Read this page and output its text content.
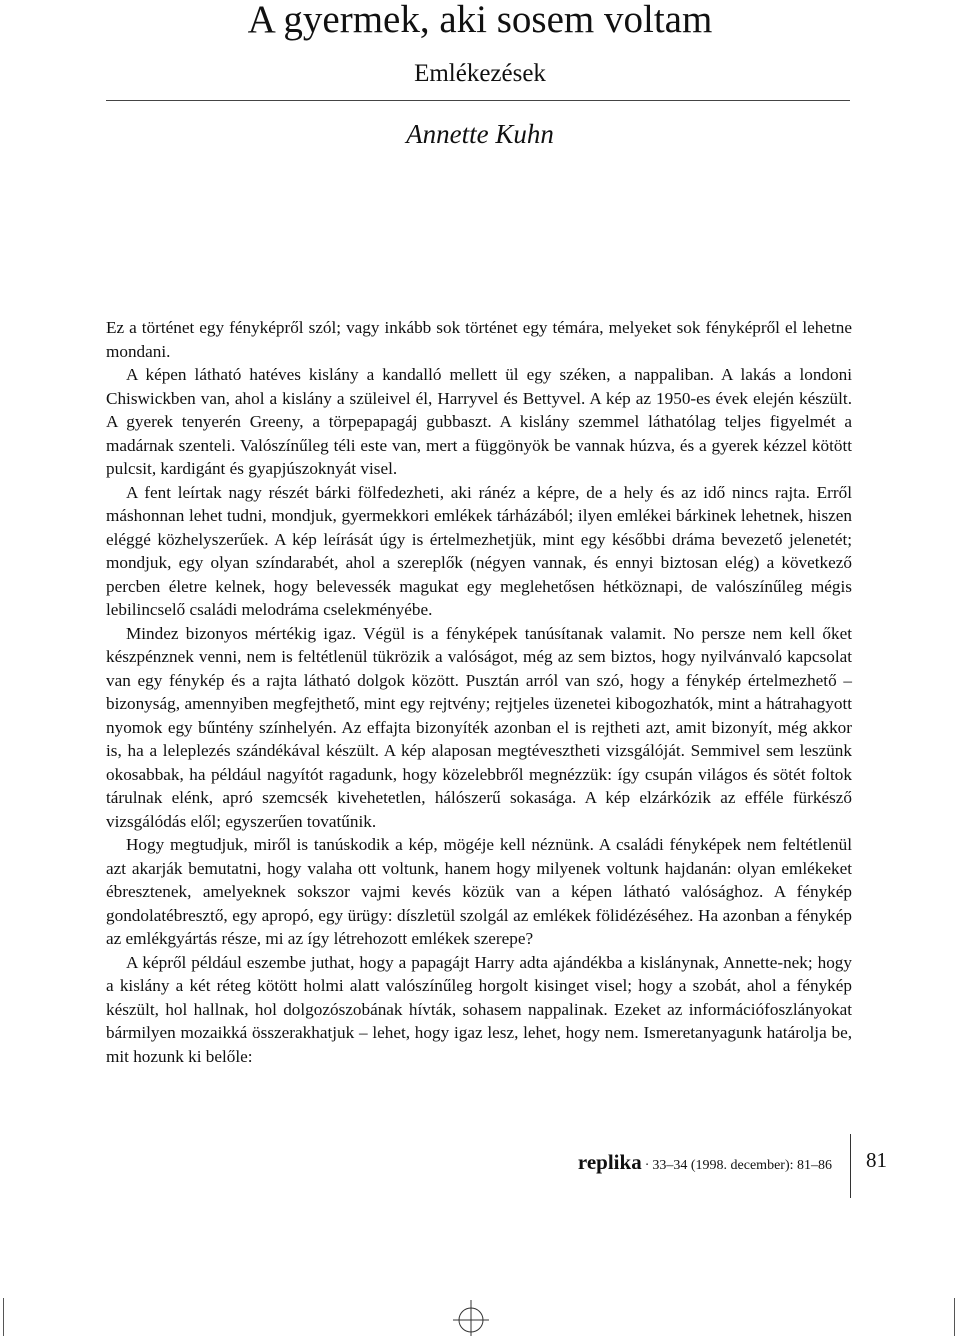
A gyermek, aki sosem voltam
Emlékezések
Annette Kuhn

Ez a történet egy fényképről szól; vagy inkább sok történet egy témára, melyeket sok fényképről el lehetne mondani.

A képen látható hatéves kislány a kandalló mellett ül egy széken, a nappaliban. A lakás a londoni Chiswickben van, ahol a kislány a szüleivel él, Harryvel és Bettyvel. A kép az 1950-es évek elején készült. A gyerek tenyerén Greeny, a törpepapagáj gubbaszt. A kislány szemmel láthatólag teljes figyelmét a madárnak szenteli. Valószínűleg téli este van, mert a függönyök be vannak húzva, és a gyerek kézzel kötött pulcsit, kardigánt és gyapjúszoknyát visel.

A fent leírtak nagy részét bárki fölfedezheti, aki ránéz a képre, de a hely és az idő nincs rajta. Erről máshonnan lehet tudni, mondjuk, gyermekkori emlékek tárházából; ilyen emlékei bárkinek lehetnek, hiszen eléggé közhelyszerűek. A kép leírását úgy is értelmezhetjük, mint egy későbbi dráma bevezető jelenetét; mondjuk, egy olyan színdarabét, ahol a szereplők (négyen vannak, és ennyi biztosan elég) a következő percben életre kelnek, hogy belevessék magukat egy meglehetősen hétköznapi, de valószínűleg mégis lebilincselő családi melodráma cselekményébe.

Mindez bizonyos mértékig igaz. Végül is a fényképek tanúsítanak valamit. No persze nem kell őket készpénznek venni, nem is feltétlenül tükrözik a valóságot, még az sem biztos, hogy nyilvánvaló kapcsolat van egy fénykép és a rajta látható dolgok között. Pusztán arról van szó, hogy a fénykép értelmezhető – bizonyság, amennyiben megfejthető, mint egy rejtvény; rejtjeles üzenetei kibogozhatók, mint a hátrahagyott nyomok egy bűntény színhelyén. Az effajta bizonyíték azonban el is rejtheti azt, amit bizonyít, még akkor is, ha a leleplezés szándékával készült. A kép alaposan megtévesztheti vizsgálóját. Semmivel sem leszünk okosabbak, ha például nagyítót ragadunk, hogy közelebbről megnézzük: így csupán világos és sötét foltok tárulnak elénk, apró szemcsék kivehetetlen, hálószerű sokasága. A kép elzárkózik az efféle fürkésző vizsgálódás elől; egyszerűen tovatűnik.

Hogy megtudjuk, miről is tanúskodik a kép, mögéje kell néznünk. A családi fényképek nem feltétlenül azt akarják bemutatni, hogy valaha ott voltunk, hanem hogy milyenek voltunk hajdanán: olyan emlékeket ébresztenek, amelyeknek sokszor vajmi kevés közük van a képen látható valósághoz. A fénykép gondolatébresztő, egy apropó, egy ürügy: díszletül szolgál az emlékek fölidézéséhez. Ha azonban a fénykép az emlékgyártás része, mi az így létrehozott emlékek szerepe?

A képről például eszembe juthat, hogy a papagájt Harry adta ajándékba a kislánynak, Annette-nek; hogy a kislány a két réteg kötött holmi alatt valószínűleg horgolt kisinget visel; hogy a szobát, ahol a fénykép készült, hol hallnak, hol dolgozószobának hívták, sohasem nappalinak. Ezeket az információfoszlányokat bármilyen mozaikká összerakhatjuk – lehet, hogy igaz lesz, lehet, hogy nem. Ismeretanyagunk határolja be, mit hozunk ki belőle:

replika · 33–34 (1998. december): 81–86 81
